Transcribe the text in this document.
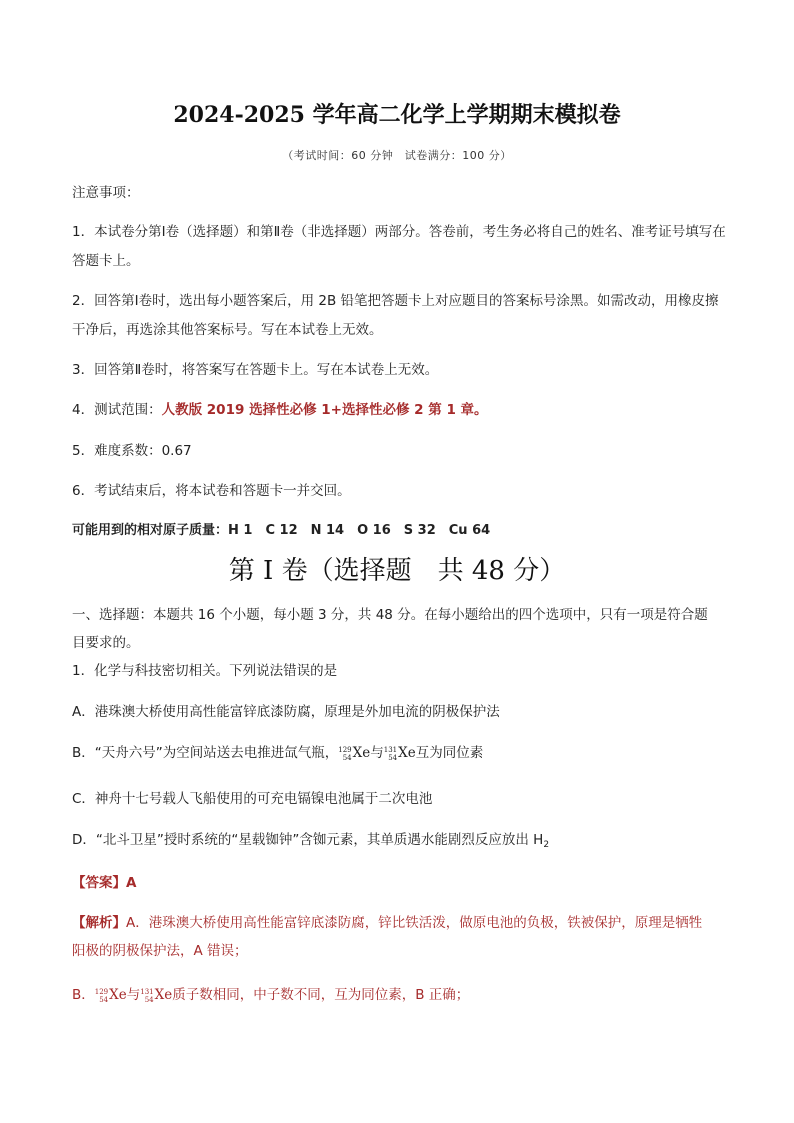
2024-2025 学年高二化学上学期期末模拟卷
（考试时间：60 分钟　试卷满分：100 分）
注意事项：
1．本试卷分第Ⅰ卷（选择题）和第Ⅱ卷（非选择题）两部分。答卷前，考生务必将自己的姓名、准考证号填写在答题卡上。
2．回答第Ⅰ卷时，选出每小题答案后，用 2B 铅笔把答题卡上对应题目的答案标号涂黑。如需改动，用橡皮擦干净后，再选涂其他答案标号。写在本试卷上无效。
3．回答第Ⅱ卷时，将答案写在答题卡上。写在本试卷上无效。
4．测试范围：人教版 2019 选择性必修 1+选择性必修 2 第 1 章。
5．难度系数：0.67
6．考试结束后，将本试卷和答题卡一并交回。
可能用到的相对原子质量：H 1　C 12　N 14　O 16　S 32　Cu 64
第 I 卷（选择题　共 48 分）
一、选择题：本题共 16 个小题，每小题 3 分，共 48 分。在每小题给出的四个选项中，只有一项是符合题
目要求的。
1．化学与科技密切相关。下列说法错误的是
A．港珠澳大桥使用高性能富锌底漆防腐，原理是外加电流的阴极保护法
B．“天舟六号”为空间站送去电推进氙气瓶， 129
54 Xe与 131
54 Xe互为同位素
C．神舟十七号载人飞船使用的可充电镉镍电池属于二次电池
D．“北斗卫星”授时系统的“星载铷钟”含铷元素，其单质遇水能剧烈反应放出 $H_2$
【答案】A
【解析】A．港珠澳大桥使用高性能富锌底漆防腐，锌比铁活泼，做原电池的负极，铁被保护，原理是牺牲
阳极的阴极保护法，A 错误；
B． 129
54 Xe与 131
54 Xe质子数相同，中子数不同，互为同位素，B 正确；
